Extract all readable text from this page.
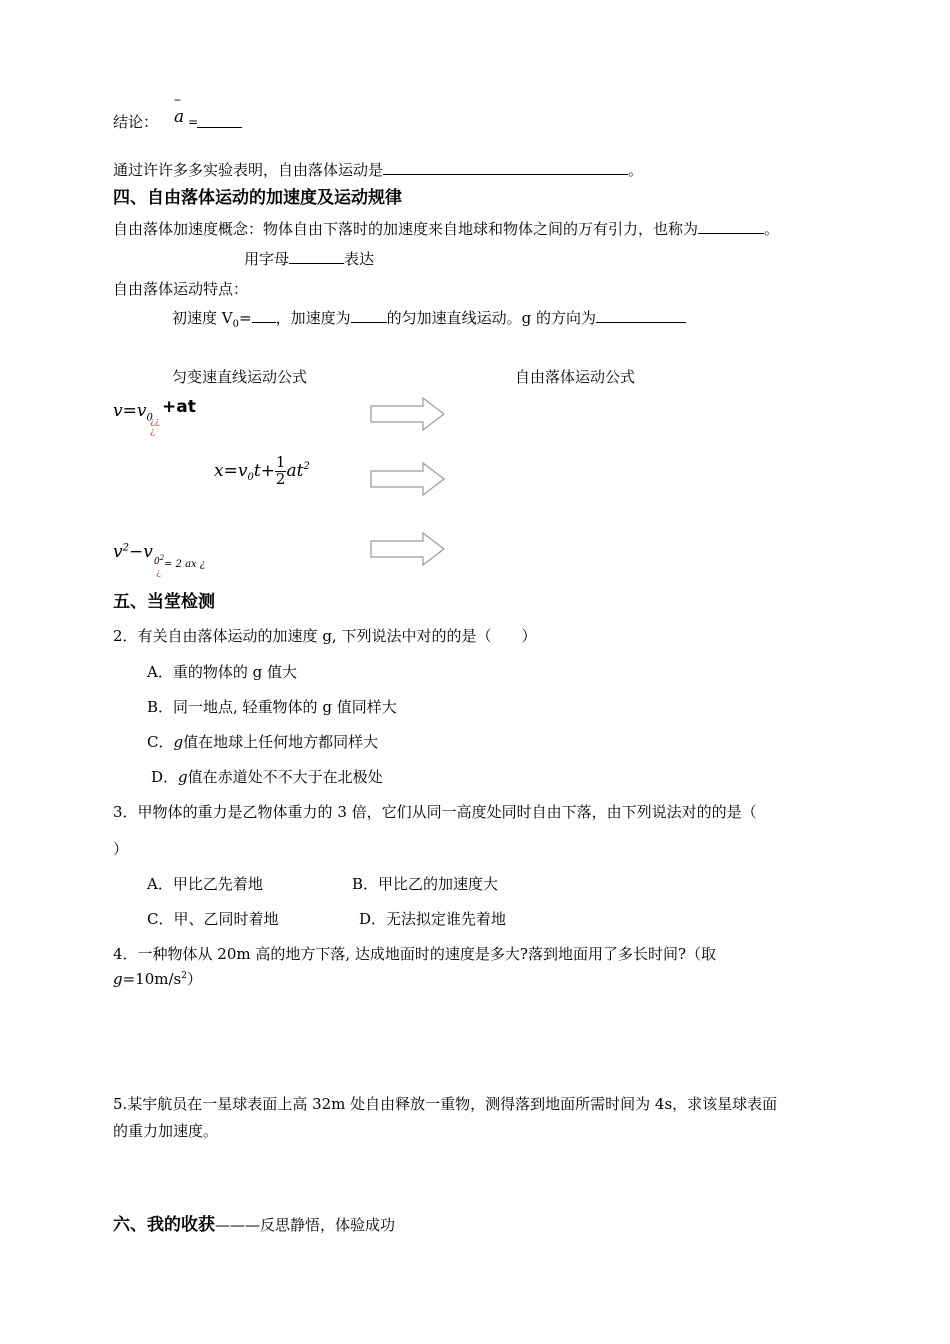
结论：
–
a =
通过许许多多实验表明，自由落体运动是	。
四、自由落体运动的加速度及运动规律
自由落体加速度概念：物体自由下落时的加速度来自地球和物体之间的万有引力，也称为	。
用字母	表达
自由落体运动特点：
初速度 $V_0=$ ，加速度为 的匀加速直线运动。g 的方向为
匀变速直线运动公式	自由落体运动公式
$v=v_0$
¿¿
¿
+at
$x=v_0t+ \frac{1}{2} at^2$
$v^2-v$ $0^2$
¿
= 2 ax ¿
五、当堂检测
2．有关自由落体运动的加速度 g, 下列说法中对的的是（　　）
A．重的物体的 g 值大
B．同一地点, 轻重物体的 g 值同样大
C．g值在地球上任何地方都同样大
D．g值在赤道处不不大于在北极处
3．甲物体的重力是乙物体重力的 3 倍，它们从同一高度处同时自由下落，由下列说法对的的是（
）
A．甲比乙先着地	B．甲比乙的加速度大
C．甲、乙同时着地	D．无法拟定谁先着地
4．一种物体从 20m 高的地方下落, 达成地面时的速度是多大?落到地面用了多长时间?（取
$g=10m/s^2$）
5.某宇航员在一星球表面上高 32m 处自由释放一重物，测得落到地面所需时间为 4s，求该星球表面
的重力加速度。
六、我的收获———反思静悟，体验成功
